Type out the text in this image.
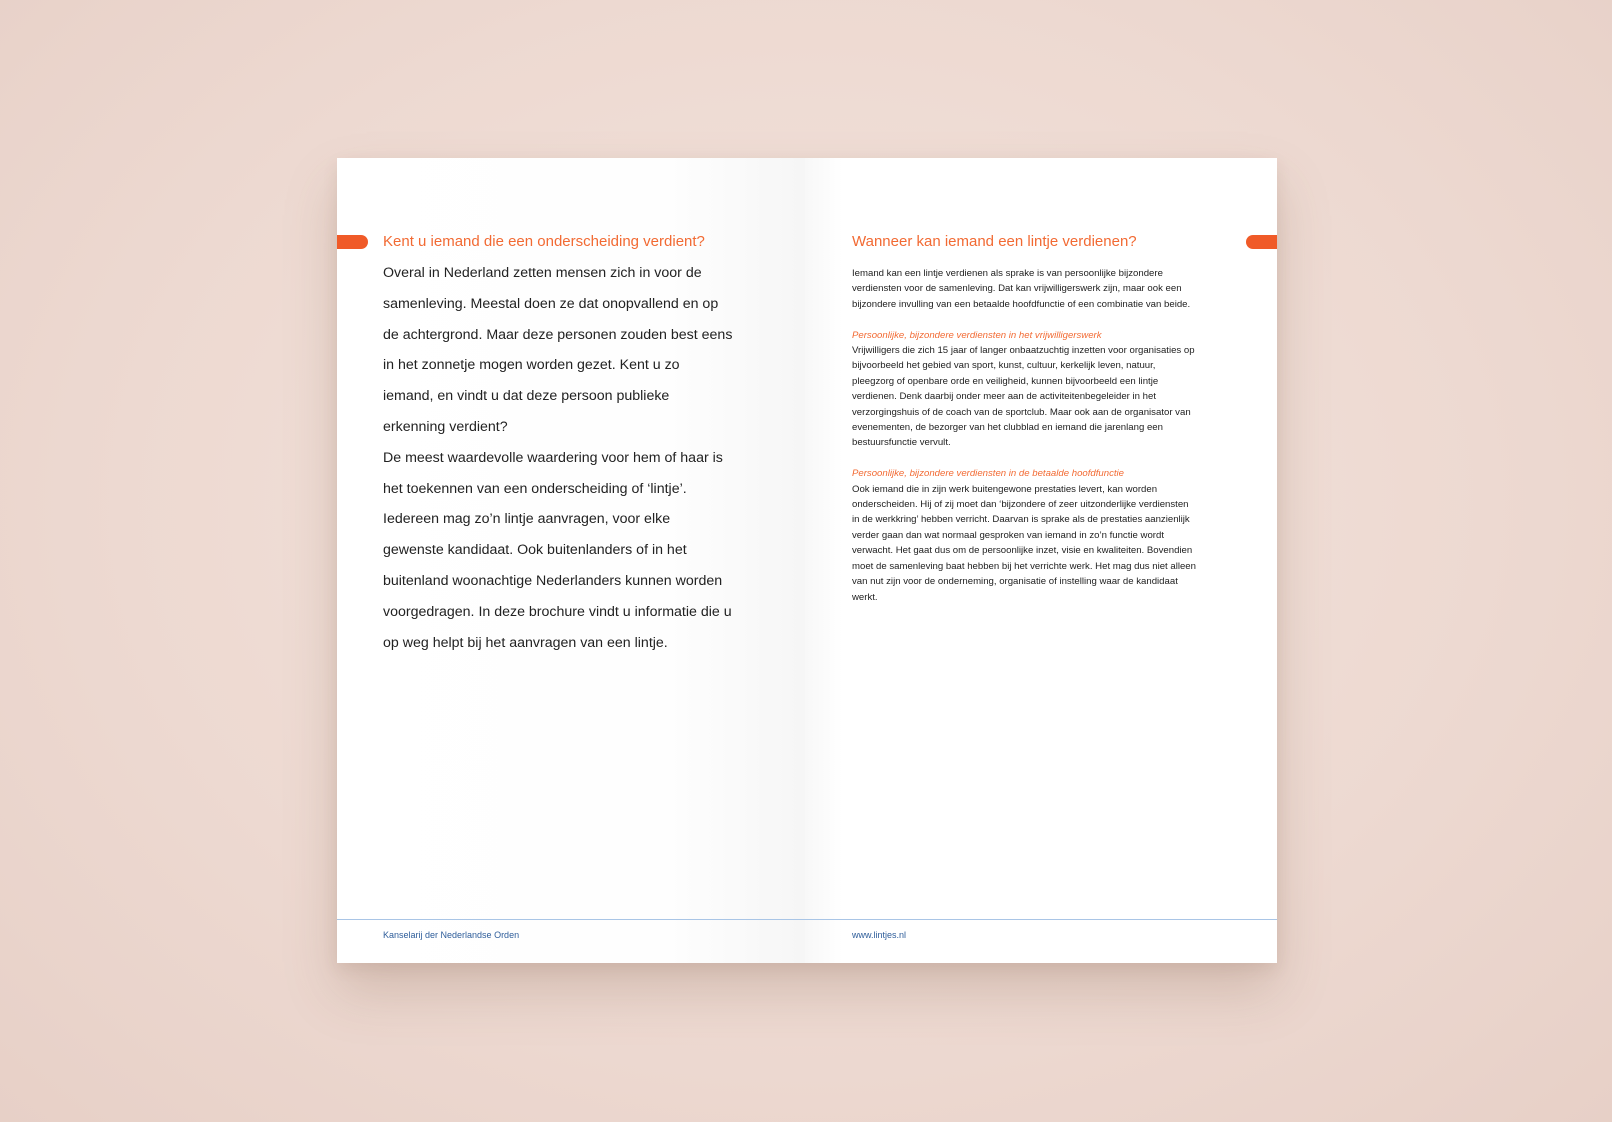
Kent u iemand die een onderscheiding verdient?

Overal in Nederland zetten mensen zich in voor de samenleving. Meestal doen ze dat onopvallend en op de achtergrond. Maar deze personen zouden best eens in het zonnetje mogen worden gezet. Kent u zo iemand, en vindt u dat deze persoon publieke erkenning verdient?

De meest waardevolle waardering voor hem of haar is het toekennen van een onderscheiding of ‘lintje’. Iedereen mag zo’n lintje aanvragen, voor elke gewenste kandidaat. Ook buitenlanders of in het buitenland woonachtige Nederlanders kunnen worden voorgedragen. In deze brochure vindt u informatie die u op weg helpt bij het aanvragen van een lintje.

Kanselarij der Nederlandse Orden
Wanneer kan iemand een lintje verdienen?

Iemand kan een lintje verdienen als sprake is van persoonlijke bijzondere verdiensten voor de samenleving. Dat kan vrijwilligerswerk zijn, maar ook een bijzondere invulling van een betaalde hoofdfunctie of een combinatie van beide.

Persoonlijke, bijzondere verdiensten in het vrijwilligerswerk

Vrijwilligers die zich 15 jaar of langer onbaatzuchtig inzetten voor organisaties op bijvoorbeeld het gebied van sport, kunst, cultuur, kerkelijk leven, natuur, pleegzorg of openbare orde en veiligheid, kunnen bijvoorbeeld een lintje verdienen. Denk daarbij onder meer aan de activiteitenbegeleider in het verzorgingshuis of de coach van de sportclub. Maar ook aan de organisator van evenementen, de bezorger van het clubblad en iemand die jarenlang een bestuursfunctie vervult.

Persoonlijke, bijzondere verdiensten in de betaalde hoofdfunctie

Ook iemand die in zijn werk buitengewone prestaties levert, kan worden onderscheiden. Hij of zij moet dan ‘bijzondere of zeer uitzonderlijke verdiensten in de werkkring’ hebben verricht. Daarvan is sprake als de prestaties aanzienlijk verder gaan dan wat normaal gesproken van iemand in zo’n functie wordt verwacht. Het gaat dus om de persoonlijke inzet, visie en kwaliteiten. Bovendien moet de samenleving baat hebben bij het verrichte werk. Het mag dus niet alleen van nut zijn voor de onderneming, organisatie of instelling waar de kandidaat werkt.

www.lintjes.nl
